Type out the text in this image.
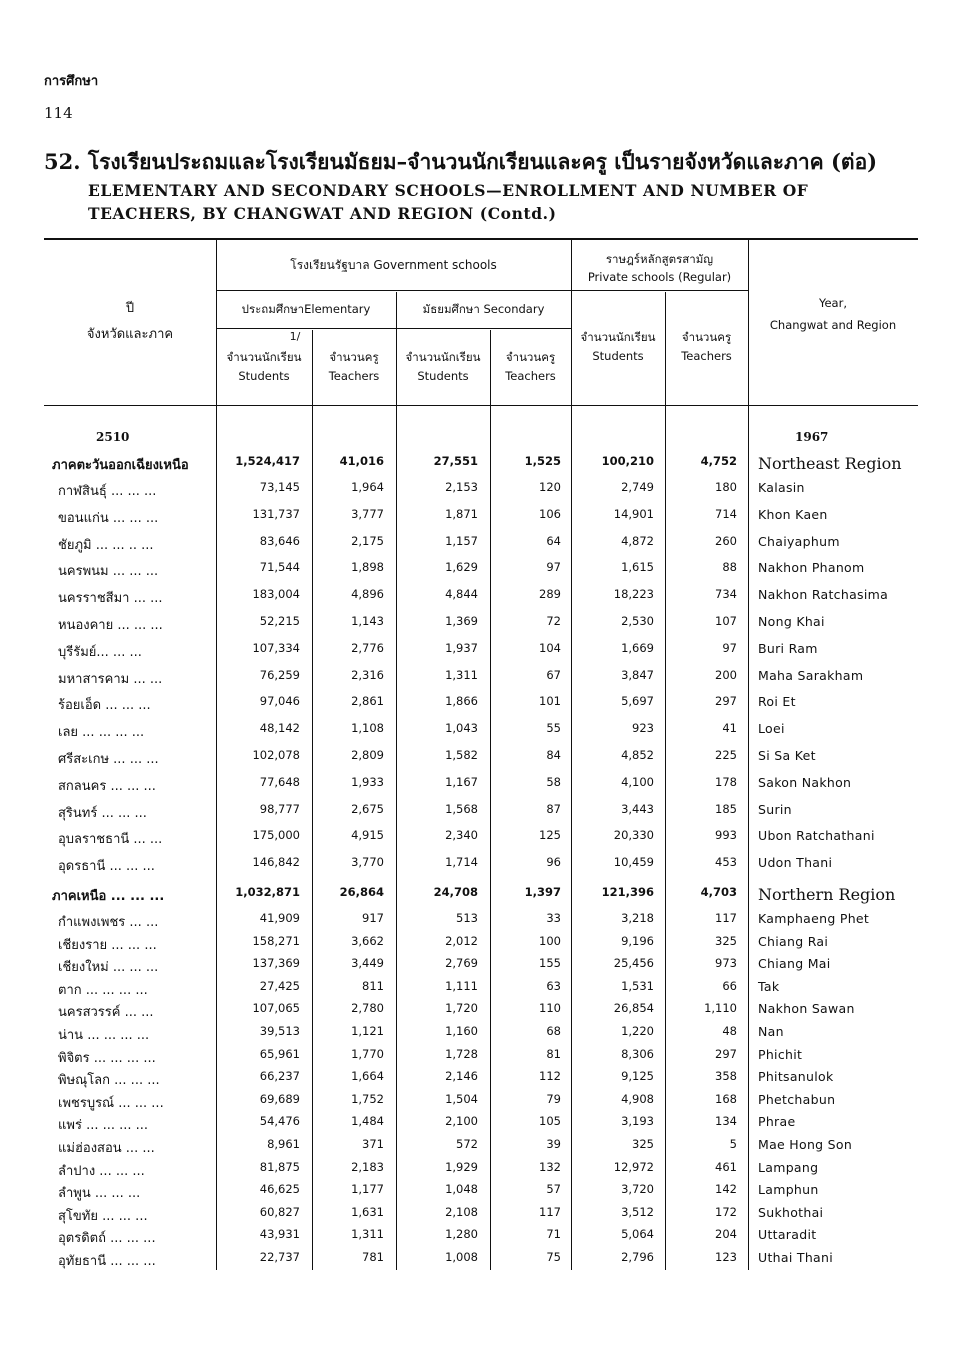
การศึกษา
114
52. โรงเรียนประถมและโรงเรียนมัธยม–จำนวนนักเรียนและครู เป็นรายจังหวัดและภาค (ต่อ)
ELEMENTARY AND SECONDARY SCHOOLS—ENROLLMENT AND NUMBER OF
TEACHERS, BY CHANGWAT AND REGION (Contd.)
ปี
จังหวัดและภาค
โรงเรียนรัฐบาล Government schools	ราษฎร์หลักสูตรสามัญ
Private schools (Regular)
ประถมศึกษาElementary	มัธยมศึกษา Secondary
1/
จำนวนนักเรียน
Students
จำนวนครู
Teachers
จำนวนนักเรียน
Students
จำนวนครู
Teachers
จำนวนนักเรียน
Students
จำนวนครู
Teachers
Year,
Changwat and Region
2510	1967
ภาคตะวันออกเฉียงเหนือ	1,524,417	41,016	27,551	1,525	100,210	4,752 Northeast Region
กาฬสินธุ์ ... ... ...	73,145	1,964	2,153	120	2,749	180 Kalasin
ขอนแก่น ... ... ...	131,737	3,777	1,871	106	14,901	714 Khon Kaen
ชัยภูมิ ... ... .. ...	83,646	2,175	1,157	64	4,872	260 Chaiyaphum
นครพนม ... ... ...	71,544	1,898	1,629	97	1,615	88 Nakhon Phanom
นครราชสีมา ... ...	183,004	4,896	4,844	289	18,223	734 Nakhon Ratchasima
หนองคาย ... ... ...	52,215	1,143	1,369	72	2,530	107 Nong Khai
บุรีรัมย์... ... ...	107,334	2,776	1,937	104	1,669	97 Buri Ram
มหาสารคาม ... ...	76,259	2,316	1,311	67	3,847	200 Maha Sarakham
ร้อยเอ็ด ... ... ...	97,046	2,861	1,866	101	5,697	297 Roi Et
เลย ... ... ... ...	48,142	1,108	1,043	55	923	41 Loei
ศรีสะเกษ ... ... ...	102,078	2,809	1,582	84	4,852	225 Si Sa Ket
สกลนคร ... ... ...	77,648	1,933	1,167	58	4,100	178 Sakon Nakhon
สุรินทร์ ... ... ...	98,777	2,675	1,568	87	3,443	185 Surin
อุบลราชธานี ... ...	175,000	4,915	2,340	125	20,330	993 Ubon Ratchathani
อุดรธานี ... ... ...	146,842	3,770	1,714	96	10,459	453 Udon Thani
ภาคเหนือ ... ... ...	1,032,871	26,864	24,708	1,397	121,396	4,703 Northern Region
กำแพงเพชร ... ...	41,909	917	513	33	3,218	117 Kamphaeng Phet
เชียงราย ... ... ...	158,271	3,662	2,012	100	9,196	325 Chiang Rai
เชียงใหม่ ... ... ...	137,369	3,449	2,769	155	25,456	973 Chiang Mai
ตาก ... ... ... ...	27,425	811	1,111	63	1,531	66 Tak
นครสวรรค์ ... ...	107,065	2,780	1,720	110	26,854	1,110 Nakhon Sawan
น่าน ... ... ... ...	39,513	1,121	1,160	68	1,220	48 Nan
พิจิตร ... ... ... ...	65,961	1,770	1,728	81	8,306	297 Phichit
พิษณุโลก ... ... ...	66,237	1,664	2,146	112	9,125	358 Phitsanulok
เพชรบูรณ์ ... ... ...	69,689	1,752	1,504	79	4,908	168 Phetchabun
แพร่ ... ... ... ...	54,476	1,484	2,100	105	3,193	134 Phrae
แม่ฮ่องสอน ... ...	8,961	371	572	39	325	5 Mae Hong Son
ลำปาง ... ... ...	81,875	2,183	1,929	132	12,972	461 Lampang
ลำพูน ... ... ...	46,625	1,177	1,048	57	3,720	142 Lamphun
สุโขทัย ... ... ...	60,827	1,631	2,108	117	3,512	172 Sukhothai
อุตรดิตถ์ ... ... ...	43,931	1,311	1,280	71	5,064	204 Uttaradit
อุทัยธานี ... ... ...	22,737	781	1,008	75	2,796	123 Uthai Thani
